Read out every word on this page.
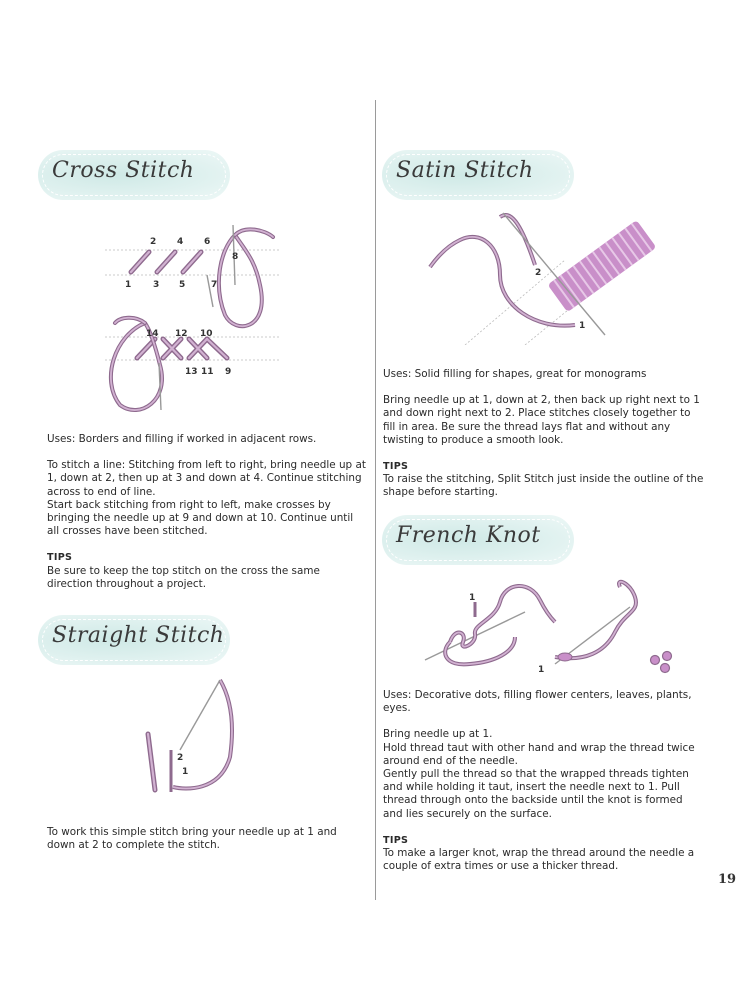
Cross Stitch
2 4 6
8
1 3 5	7
14 12 10
13 11 9

Uses: Borders and filling if worked in adjacent rows.

To stitch a line: Stitching from left to right, bring needle up at 1, down at 2, then up at 3 and down at 4. Continue stitching across to end of line.

Start back stitching from right to left, make crosses by bringing the needle up at 9 and down at 10. Continue until all crosses have been stitched.

TIPS

Be sure to keep the top stitch on the cross the same direction throughout a project.

Straight Stitch
2
1

To work this simple stitch bring your needle up at 1 and down at 2 to complete the stitch.

Satin Stitch
2
1

Uses: Solid filling for shapes, great for monograms

Bring needle up at 1, down at 2, then back up right next to 1 and down right next to 2. Place stitches closely together to fill in area. Be sure the thread lays flat and without any twisting to produce a smooth look.

TIPS

To raise the stitching, Split Stitch just inside the outline of the shape before starting.

French Knot
1
1

Uses: Decorative dots, filling flower centers, leaves, plants, eyes.

Bring needle up at 1.

Hold thread taut with other hand and wrap the thread twice around end of the needle.

Gently pull the thread so that the wrapped threads tighten and while holding it taut, insert the needle next to 1. Pull thread through onto the backside until the knot is formed and lies securely on the surface.

TIPS

To make a larger knot, wrap the thread around the needle a couple of extra times or use a thicker thread.

19
